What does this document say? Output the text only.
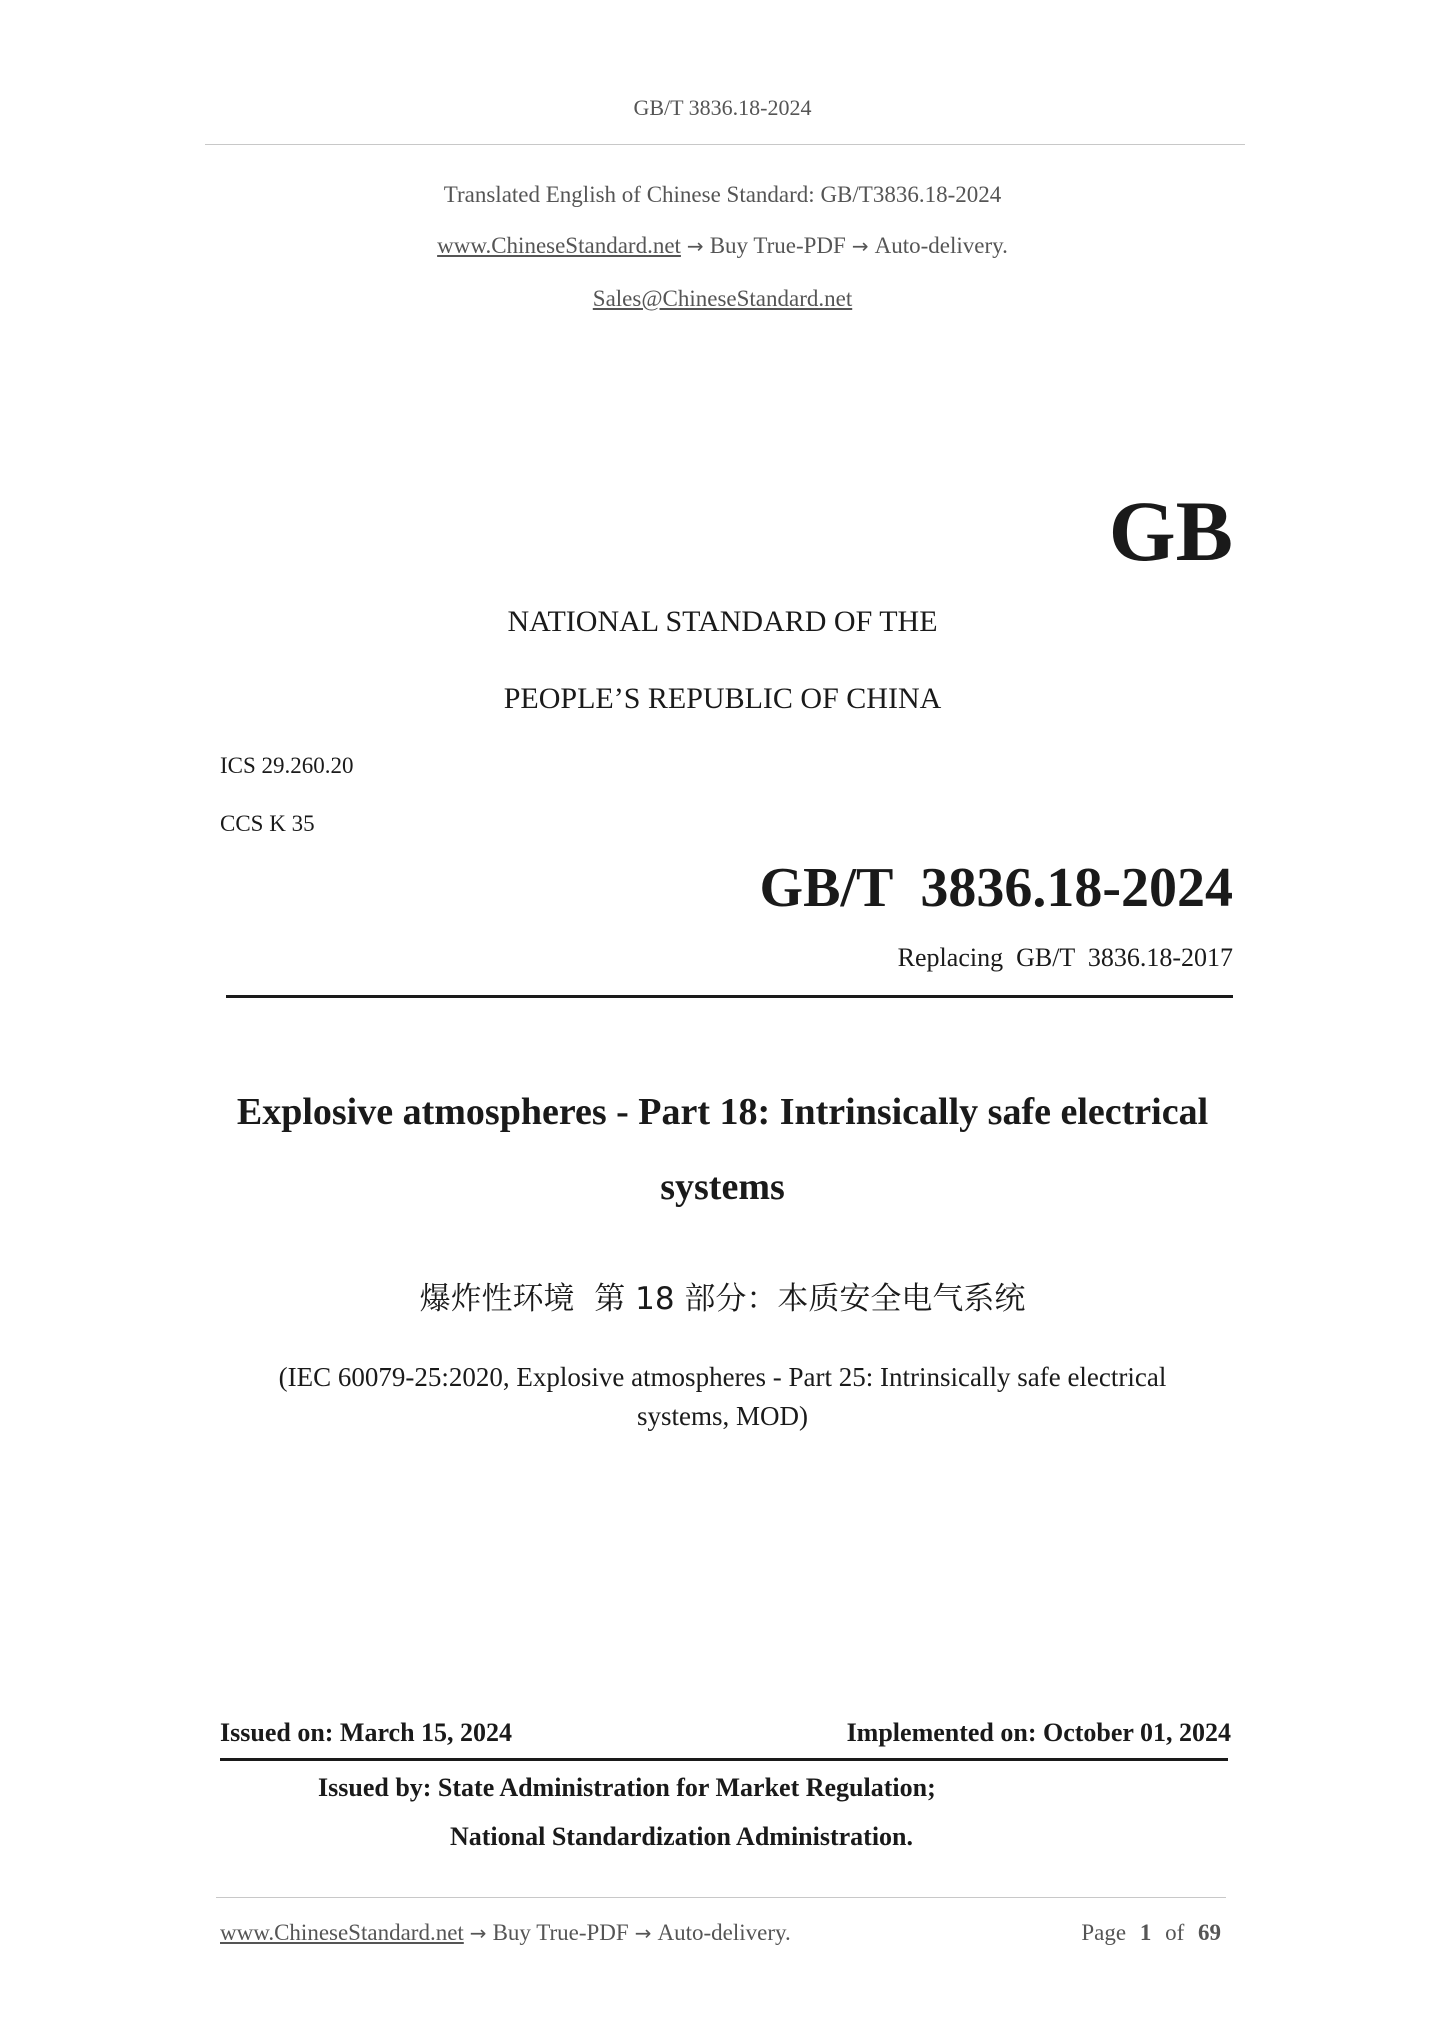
GB/T 3836.18-2024
Translated English of Chinese Standard: GB/T3836.18-2024
www.ChineseStandard.net → Buy True-PDF → Auto-delivery.
Sales@ChineseStandard.net
GB
NATIONAL STANDARD OF THE
PEOPLE’S REPUBLIC OF CHINA
ICS 29.260.20
CCS K 35
GB/T  3836.18-2024
Replacing  GB/T  3836.18-2017
Explosive atmospheres - Part 18: Intrinsically safe electrical
systems
爆炸性环境  第 18 部分：本质安全电气系统
(IEC 60079-25:2020, Explosive atmospheres - Part 25: Intrinsically safe electrical
systems, MOD)
Issued on: March 15, 2024	Implemented on: October 01, 2024
Issued by: State Administration for Market Regulation;
National Standardization Administration.
www.ChineseStandard.net → Buy True-PDF → Auto-delivery.	Page 1 of 69
